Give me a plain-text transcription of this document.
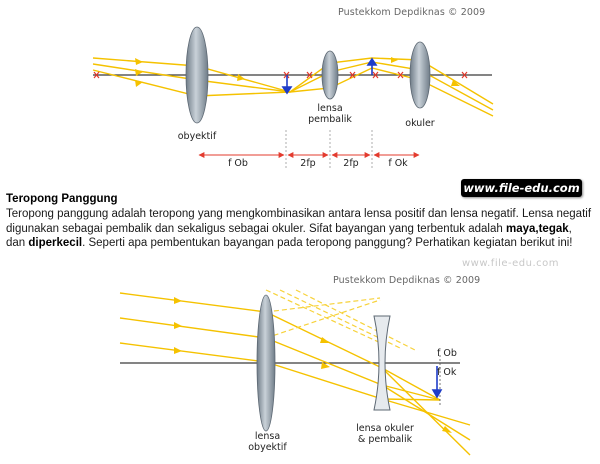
Pustekkom Depdiknas © 2009
obyektif
lensa
pembalik	okuler
f Ob	2fp	2fp	f Ok
www.file-edu.com
Teropong Panggung
Teropong panggung adalah teropong yang mengkombinasikan antara lensa positif dan lensa negatif. Lensa negatif digunakan sebagai pembalik dan sekaligus sebagai okuler. Sifat bayangan yang terbentuk adalah maya,tegak, dan diperkecil. Seperti apa pembentukan bayangan pada teropong panggung? Perhatikan kegiatan berikut ini!
www.file-edu.com
Pustekkom Depdiknas © 2009
f Ob
f Ok
lensa
obyektif
lensa okuler
& pembalik
